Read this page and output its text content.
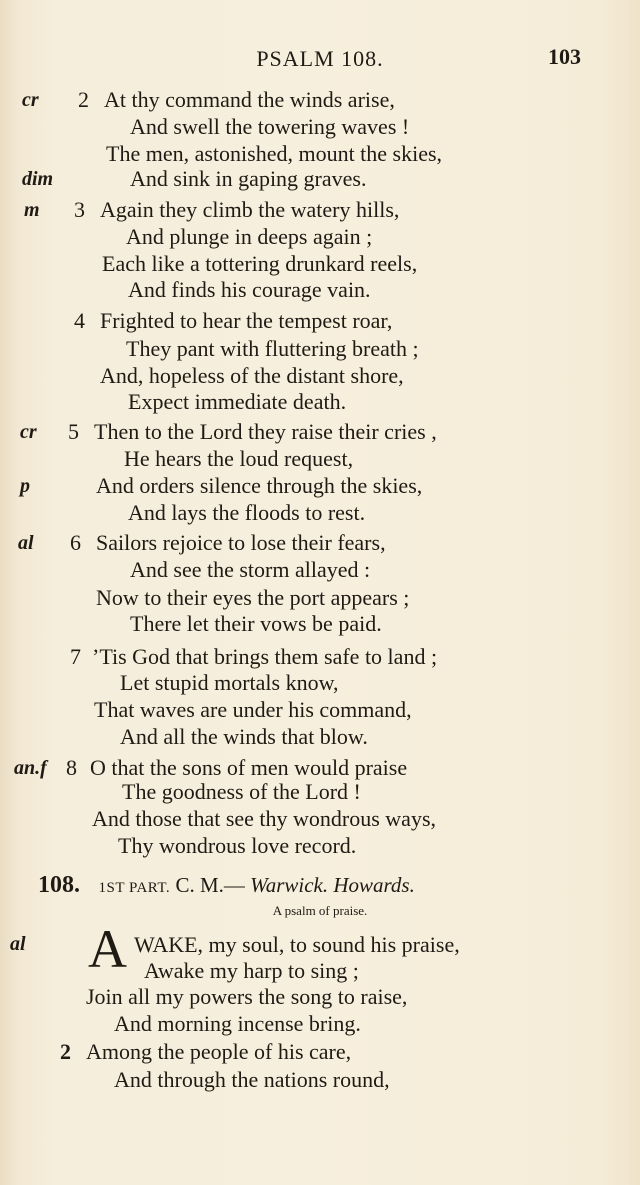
PSALM 108.	103
cr 2 At thy command the winds arise,
And swell the towering waves !
The men, astonished, mount the skies,
dim	And sink in gaping graves.
m 3 Again they climb the watery hills,
And plunge in deeps again ;
Each like a tottering drunkard reels,
And finds his courage vain.
4 Frighted to hear the tempest roar,
They pant with fluttering breath ;
And, hopeless of the distant shore,
Expect immediate death.
cr 5 Then to the Lord they raise their cries ,
He hears the loud request,
p	And orders silence through the skies,
And lays the floods to rest.
al 6 Sailors rejoice to lose their fears,
And see the storm allayed :
Now to their eyes the port appears ;
There let their vows be paid.
7 ’Tis God that brings them safe to land ;
Let stupid mortals know,
That waves are under his command,
And all the winds that blow.
an.f 8 O that the sons of men would praise
The goodness of the Lord !
And those that see thy wondrous ways,
Thy wondrous love record.
108. 1ST PART. C. M.— Warwick. Howards.
A psalm of praise.
al A WAKE, my soul, to sound his praise,
Awake my harp to sing ;
Join all my powers the song to raise,
And morning incense bring.
2 Among the people of his care,
And through the nations round,
